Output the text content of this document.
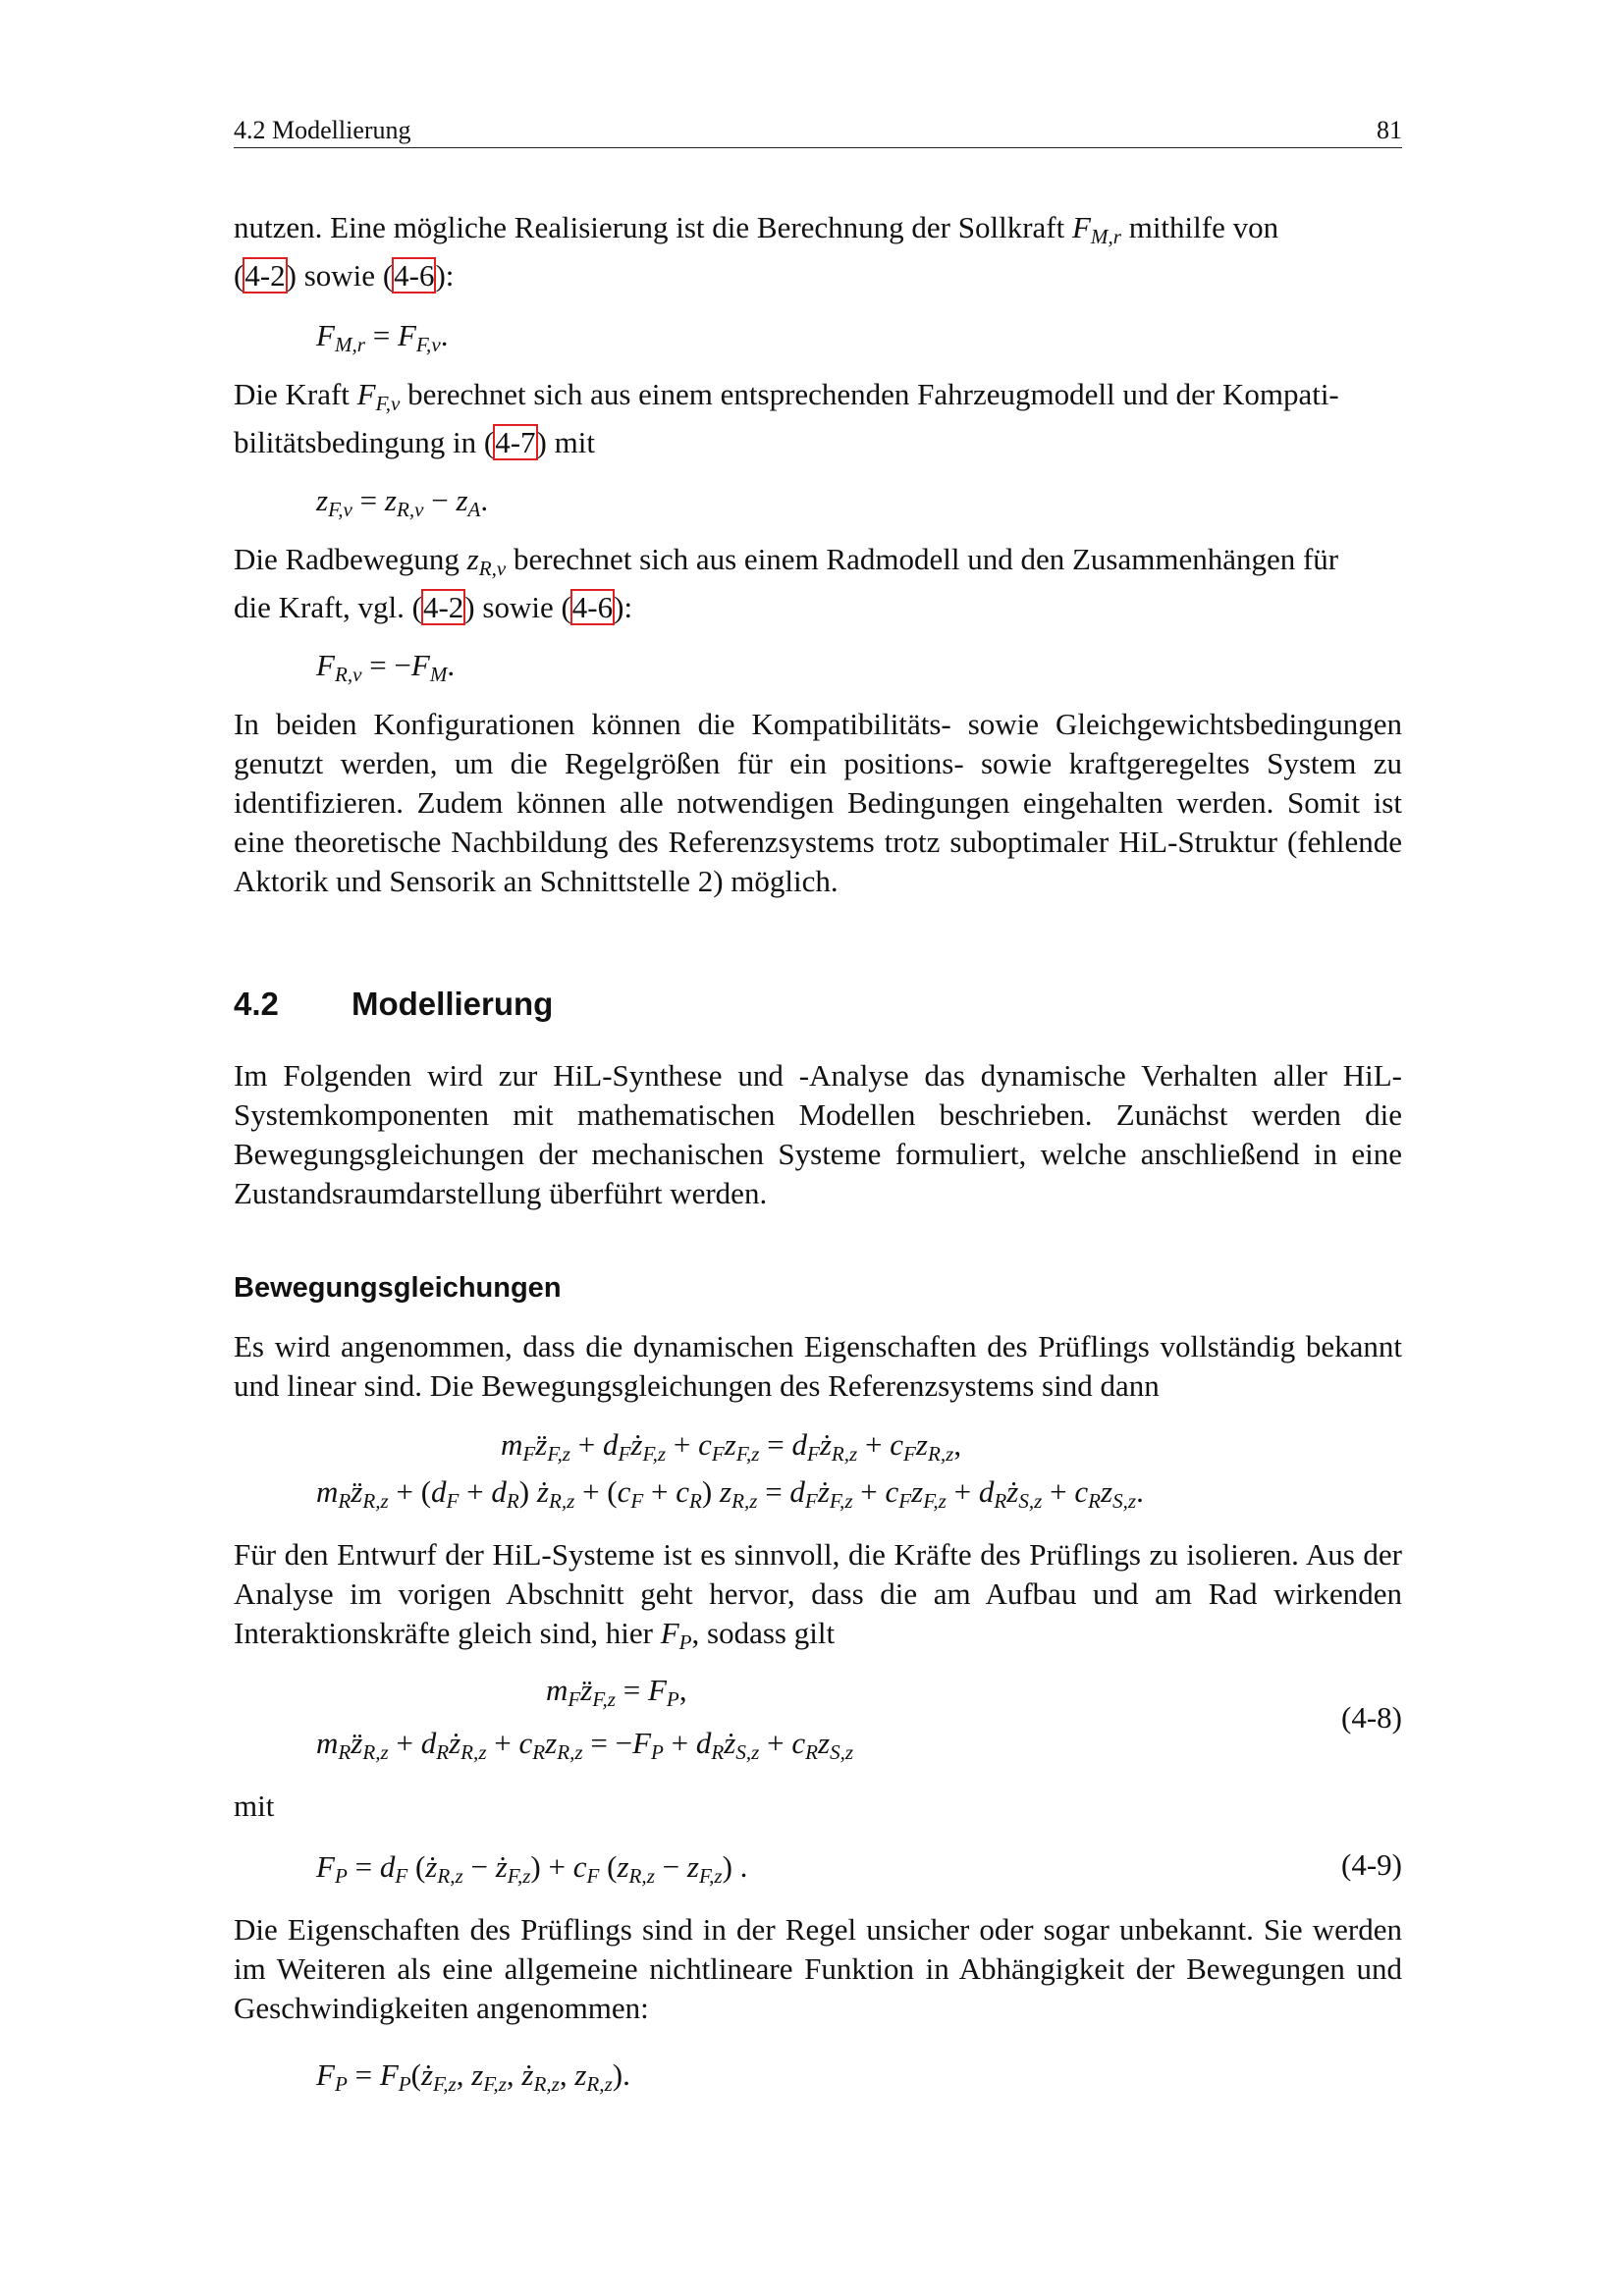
4.2 Modellierung	81
nutzen. Eine mögliche Realisierung ist die Berechnung der Sollkraft $F_{M,r}$ mithilfe von
(4-2) sowie (4-6):
$F_{M,r} = F_{F,v}$.
Die Kraft $F_{F,v}$ berechnet sich aus einem entsprechenden Fahrzeugmodell und der Kompati-
bilitätsbedingung in (4-7) mit
$z_{F,v} = z_{R,v} - z_A$.
Die Radbewegung $z_{R,v}$ berechnet sich aus einem Radmodell und den Zusammenhängen für
die Kraft, vgl. (4-2) sowie (4-6):
$F_{R,v} = -F_M$.
In beiden Konfigurationen können die Kompatibilitäts- sowie Gleichgewichtsbedingungen genutzt werden, um die Regelgrößen für ein positions- sowie kraftgeregeltes System zu identifizieren. Zudem können alle notwendigen Bedingungen eingehalten werden. Somit ist eine theoretische Nachbildung des Referenzsystems trotz suboptimaler HiL-Struktur (fehlende Aktorik und Sensorik an Schnittstelle 2) möglich.
4.2 Modellierung
Im Folgenden wird zur HiL-Synthese und -Analyse das dynamische Verhalten aller HiL-Systemkomponenten mit mathematischen Modellen beschrieben. Zunächst werden die Bewegungsgleichungen der mechanischen Systeme formuliert, welche anschließend in eine Zustandsraumdarstellung überführt werden.
Bewegungsgleichungen
Es wird angenommen, dass die dynamischen Eigenschaften des Prüflings vollständig bekannt und linear sind. Die Bewegungsgleichungen des Referenzsystems sind dann
$m_Fz̈_{F,z}$ + $d_Fż_{F,z} + c_Fz_{F,z}$ = $d_Fż_{R,z} + c_Fz_{R,z}$,
$m_Rz̈_{R,z} + (d_F + d_R)$ $ż_{R,z} + (c_F + c_R) z_{R,z}$ = $d_Fż_{F,z} + c_Fz_{F,z}$ + $d_Rż_{S,z} + c_Rz_{S,z}$.
Für den Entwurf der HiL-Systeme ist es sinnvoll, die Kräfte des Prüflings zu isolieren. Aus der Analyse im vorigen Abschnitt geht hervor, dass die am Aufbau und am Rad wirkenden Interaktionskräfte gleich sind, hier $F_P$, sodass gilt
$m_Fz̈_{F,z} = F_P$,
$m_Rz̈_{R,z}$ + $d_Rż_{R,z} + c_Rz_{R,z} = -F_P$ + $d_Rż_{S,z} + c_Rz_{S,z}$
(4-8)
mit
$F_P = d_F$ ($ż_{R,z}$ − $ż_{F,z}) + c_F$ $(z_{R,z} - z_{F,z})$ .	(4-9)
Die Eigenschaften des Prüflings sind in der Regel unsicher oder sogar unbekannt. Sie werden im Weiteren als eine allgemeine nichtlineare Funktion in Abhängigkeit der Bewegungen und Geschwindigkeiten angenommen:
$F_P$ = $F_P(ż_{F,z}$, $z_{F,z}$, $ż_{R,z}$, $z_{R,z}$).
